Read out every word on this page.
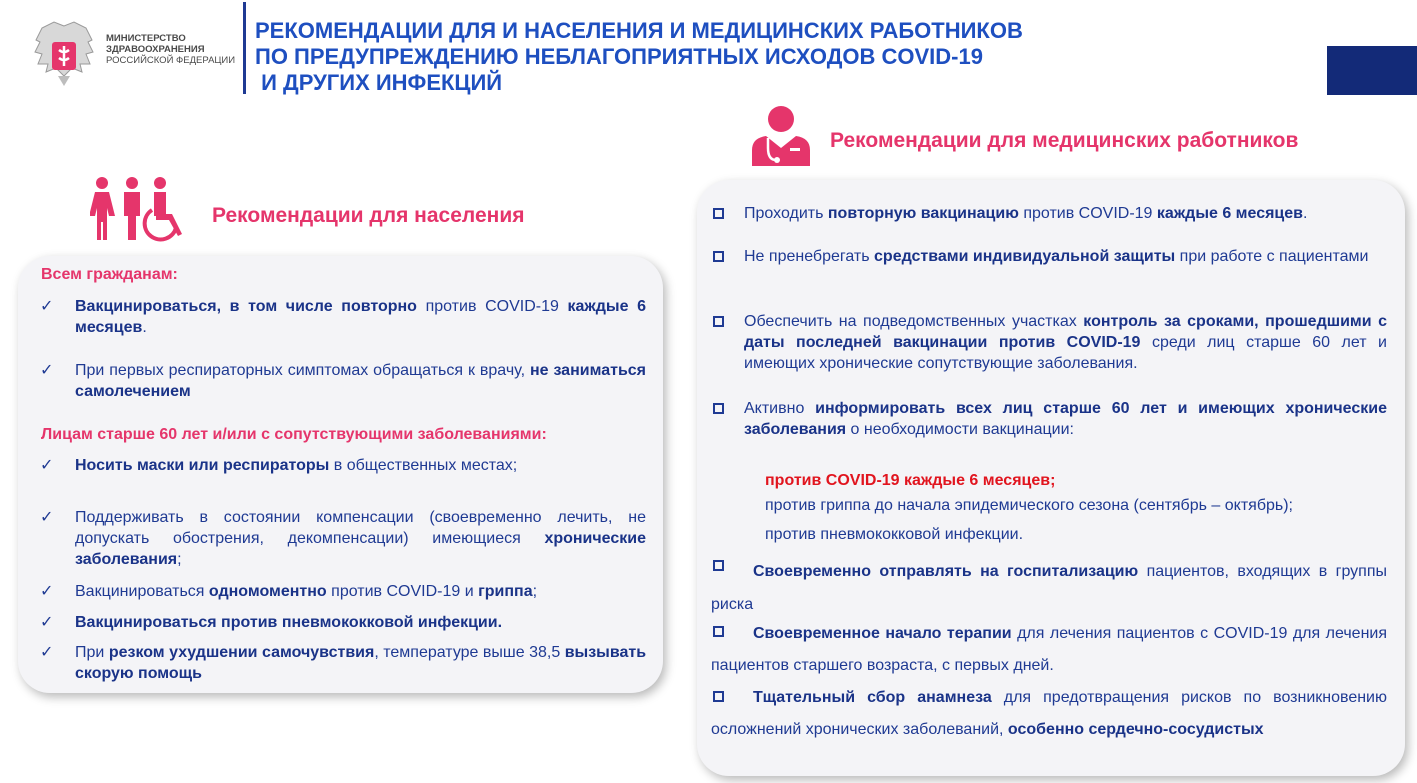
МИНИСТЕРСТВО
ЗДРАВООХРАНЕНИЯ
РОССИЙСКОЙ ФЕДЕРАЦИИ
РЕКОМЕНДАЦИИ ДЛЯ И НАСЕЛЕНИЯ И МЕДИЦИНСКИХ РАБОТНИКОВ
ПО ПРЕДУПРЕЖДЕНИЮ НЕБЛАГОПРИЯТНЫХ ИСХОДОВ COVID-19
И ДРУГИХ ИНФЕКЦИЙ
Рекомендации для населения
Рекомендации для медицинских работников
Всем гражданам:
✓ Вакцинироваться, в том числе повторно против COVID-19 каждые 6 месяцев.
✓ При первых респираторных симптомах обращаться к врачу, не заниматься самолечением
Лицам старше 60 лет и/или с сопутствующими заболеваниями:
✓ Носить маски или респираторы в общественных местах;
✓ Поддерживать в состоянии компенсации (своевременно лечить, не допускать обострения, декомпенсации) имеющиеся хронические заболевания;
✓ Вакцинироваться одномоментно против COVID-19 и гриппа;
✓ Вакцинироваться против пневмококковой инфекции.
✓ При резком ухудшении самочувствия, температуре выше 38,5 вызывать скорую помощь
Проходить повторную вакцинацию против COVID-19 каждые 6 месяцев.
Не пренебрегать средствами индивидуальной защиты при работе с пациентами
Обеспечить на подведомственных участках контроль за сроками, прошедшими с даты последней вакцинации против COVID-19 среди лиц старше 60 лет и имеющих хронические сопутствующие заболевания.
Активно информировать всех лиц старше 60 лет и имеющих хронические заболевания о необходимости вакцинации:
против COVID-19 каждые 6 месяцев;
против гриппа до начала эпидемического сезона (сентябрь – октябрь);
против пневмококковой инфекции.
Своевременно отправлять на госпитализацию пациентов, входящих в группы риска
Своевременное начало терапии для лечения пациентов с COVID-19 для лечения пациентов старшего возраста, с первых дней.
Тщательный сбор анамнеза для предотвращения рисков по возникновению осложнений хронических заболеваний, особенно сердечно-сосудистых
